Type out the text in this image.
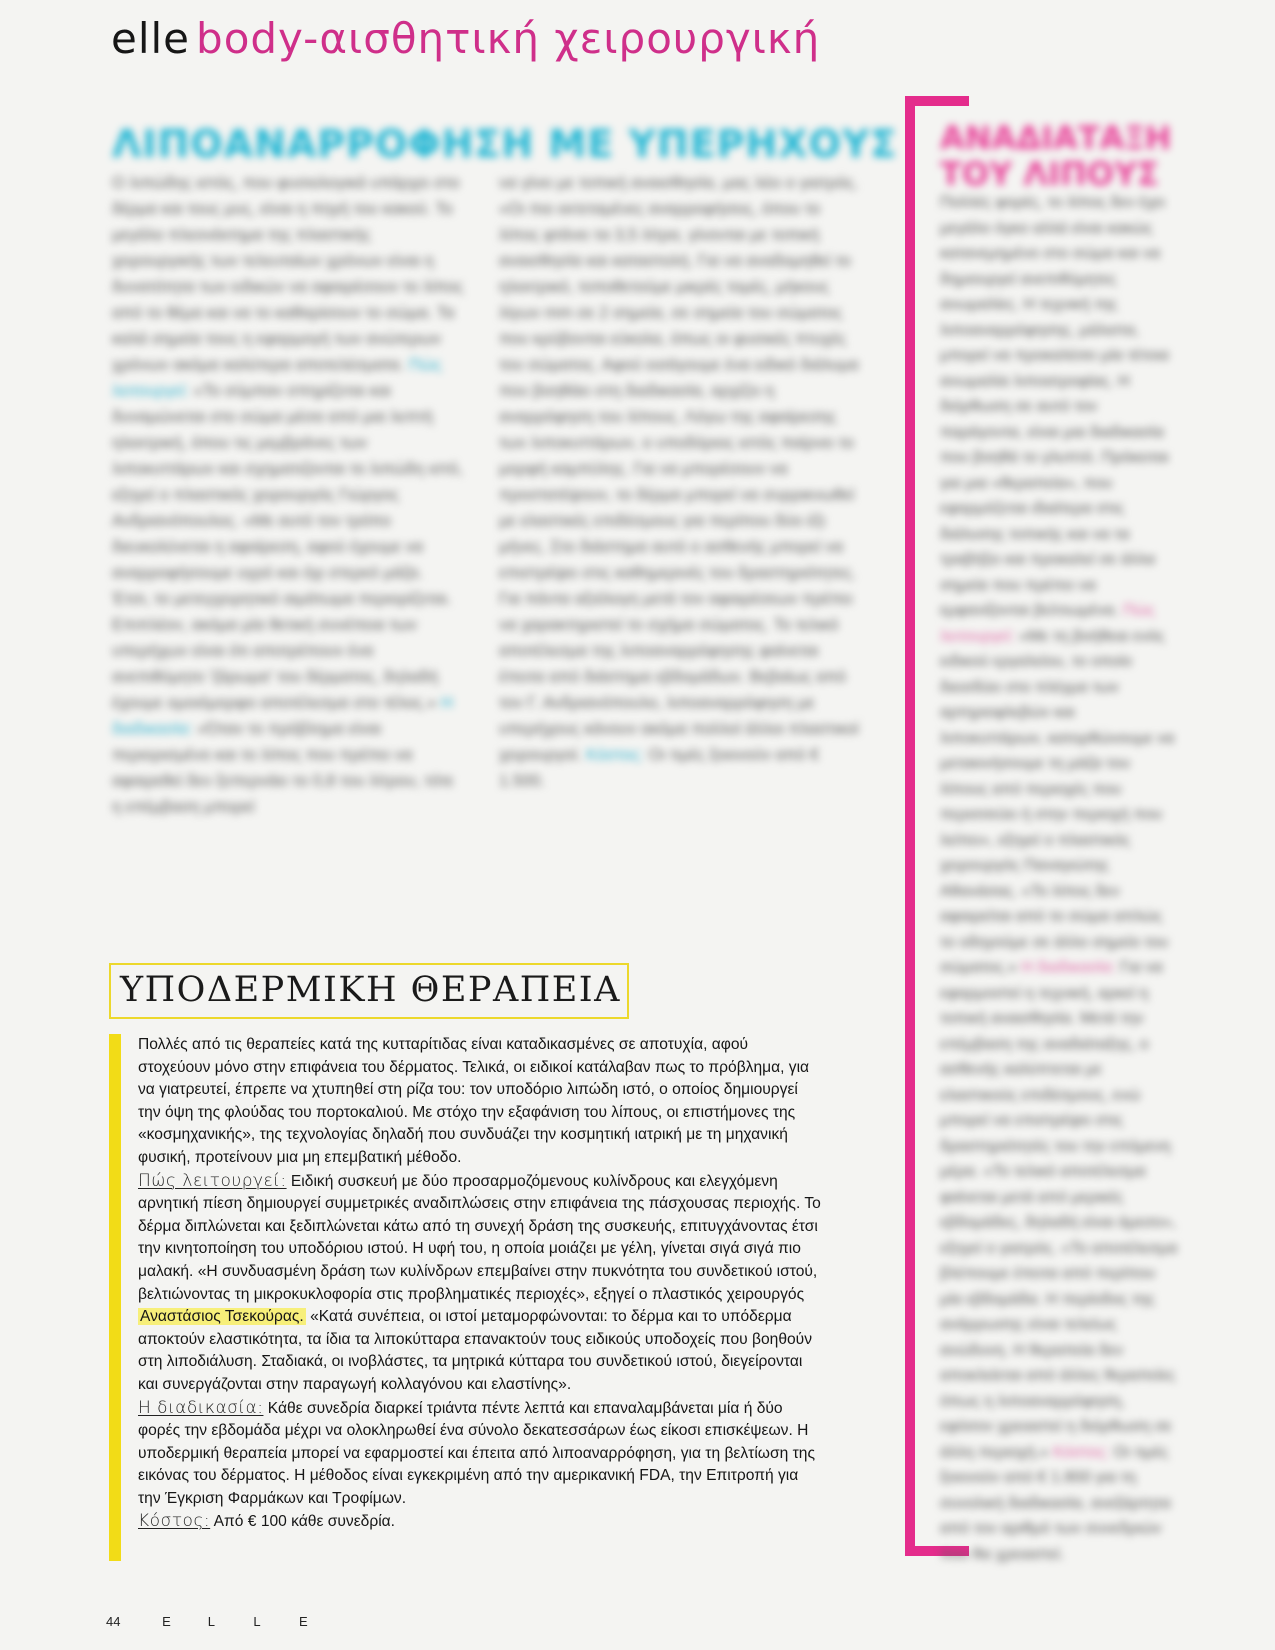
elle body-αισθητική χειρουργική
ΛΙΠΟΑΝΑΡΡΟΦΗΣΗ ΜΕ ΥΠΕΡΗΧΟΥΣ
Ο λιπώδης ιστός, που φυσιολογικά υπάρχει στο δέρμα και τους μυς, είναι η πηγή του κακού. Το μεγάλο πλεονέκτημα της πλαστικής χειρουργικής των τελευταίων χρόνων είναι η δυνατότητα των ειδικών να αφαιρέσουν το λίπος από το θέμα και να το καθαρίσουν το σώμα. Τα καλά σημεία τους η εφαρμογή των ανώτερων χρόνων ακόμα καλύτερα αποτελέσματα. Πώς λειτουργεί: «Το σύμπαν σπηρίζεται και δυναμώνεται στο σώμα μέσα από μια λεπτή ηλεκτρική, όπου τις μεμβράνες των λιποκυττάρων και σχηματιζονται το λιπώδη ιστό, εξηγεί ο πλαστικός χειρουργός Γιώργος Ανδριανόπουλος. «Με αυτό τον τρόπο διευκολύνεται η αφαίρεση, αφού έχουμε να αναρροφήσουμε υγρό και όχι στερεό μάζα. Έτσι, το μετεγχειρητικό αιμάτωμα περιορίζεται. Επιπλέον, ακόμα μία θετική συνέπεια των υπερήχων είναι ότι αποτρέπουν ένα ανεπιθύμητο 'ζάρωμα' του δέρματος, δηλαδή έχουμε ομοιόμορφο αποτέλεσμα στο τέλος.» Η διαδικασία: «Όταν το πρόβλημα είναι περιορισμένο και το λίπος που πρέπει να αφαιρεθεί δεν ξεπερνάει το 0,8 του λίτρου, τότε η επέμβαση μπορεί
να γίνει με τοπική αναισθησία, μας λέει ο γιατρός. «Οι πιο εκτεταμένες αναρροφήσεις, όπου το λίπος φτάνει τα 3,5 λίτρα, γίνονται με τοπική αναισθησία και καταστολή. Για να αναδομηθεί το ηλεκτρικό, τοποθετούμε μικρές τομές, μήκους λίγων mm σε 2 σημεία, σε σημεία του σώματος που κρύβονται εύκολα, όπως οι φυσικές πτυχές του σώματος. Αφού εισάγουμε ένα ειδικό διάλυμα που βοηθάει στη διαδικασία, αρχίζει η αναρρόφηση του λίπους. Λόγω της αφαίρεσης των λιποκυττάρων, ο υποδόριος ιστός παίρνει το μορφή καμπύλης. Για να μπορέσουν να προστατέψουν, το δέρμα μπορεί να συρρικνωθεί με ελαστικές επιδέσμους για περίπου δύο έξι μήνες. Στο διάστημα αυτό ο ασθενής μπορεί να επιστρέψει στις καθημερινές του δραστηριότητες. Για πάντα αξιόλογη μετά τον αφαιρέσεων πρέπει να χαρακτηριστεί το σχήμα σώματος. Το τελικό αποτέλεσμα της λιποαναρρόφησης φαίνεται έπειτα από διάστημα εβδομάδων. Βεβαίως από τον Γ. Ανδριανόπουλο, λιποαναρρόφηση με υπερήχους κάνουν ακόμα πολλοί άλλοι πλαστικοί χειρουργοί. Κόστος: Οι τιμές ξεκινούν από € 1.500.
ΑΝΑΔΙΑΤΑΞΗ ΤΟΥ ΛΙΠΟΥΣ
Πολλές φορές, το λίπος δεν έχει μεγάλο όγκο αλλά είναι κακώς κατανεμημένο στο σώμα και να δημιουργεί ανεπιθύμητες ανωμαλίες. Η τεχνική της λιποαναρρόφησης, μάλιστα, μπορεί να προκαλέσει μία τέτοια ανωμαλία λιποατροφίας. Η διόρθωση σε αυτό τον παράγοντα, είναι μια διαδικασία που βοηθά το γλυπτό. Πρόκειται για μια «θεραπεία», που εφαρμόζεται ιδιαίτερα στις διάλυσης τοπικής και να τα τραβήξει και προκαλεί σε άλλα σημεία που πρέπει να εμφανίζονται βελτιωμένα. Πώς λειτουργεί: «Με τη βοήθεια ενός ειδικού εργαλείου, το οποίο διεισδύει στο πλέγμα των αρτηριοφλεβών και λιποκυττάρων, κατορθώνουμε να μετακινήσουμε τη μάζα του λίπους από περιοχές που περισσεύει ή στην περιοχή που λείπει», εξηγεί ο πλαστικός χειρουργός Παναγιώτης Αθανάσας. «Το λίπος δεν αφαιρείται από το σώμα απλώς το οδηγούμε σε άλλο σημείο του σώματος.» Η διαδικασία: Για να εφαρμοστεί η τεχνική, αρκεί η τοπική αναισθησία. Μετά την επέμβαση της αναδιάταξης, ο ασθενής καλύπτεται με ελαστικούς επιδέσμους, ενώ μπορεί να επιστρέψει στις δραστηριότητές του την επόμενη μέρα. «Το τελικό αποτέλεσμα φαίνεται μετά από μερικές εβδομάδες, δηλαδή είναι άμεσο», εξηγεί ο γιατρός. «Το αποτέλεσμα βλέπουμε έπειτα από περίπου μία εβδομάδα. Η περίοδος της ανάρρωσης είναι τελείως ανώδυνη. Η θεραπεία δεν αποκλείεται από άλλες θεραπείες όπως η λιποαναρρόφηση, εφόσον χρειαστεί η διόρθωση σε άλλη περιοχή.» Κόστος: Οι τιμές ξεκινούν από € 1.800 για τη συνολική διαδικασία, ανεξάρτητα από τον αριθμό των συνεδριών που θα χρειαστεί.
ΥΠΟΔΕΡΜΙΚΗ ΘΕΡΑΠΕΙΑ

Πολλές από τις θεραπείες κατά της κυτταρίτιδας είναι καταδικασμένες σε αποτυχία, αφού στοχεύουν μόνο στην επιφάνεια του δέρματος. Τελικά, οι ειδικοί κατάλαβαν πως το πρόβλημα, για να γιατρευτεί, έπρεπε να χτυπηθεί στη ρίζα του: τον υποδόριο λιπώδη ιστό, ο οποίος δημιουργεί την όψη της φλούδας του πορτοκαλιού. Με στόχο την εξαφάνιση του λίπους, οι επιστήμονες της «κοσμηχανικής», της τεχνολογίας δηλαδή που συνδυάζει την κοσμητική ιατρική με τη μηχανική φυσική, προτείνουν μια μη επεμβατική μέθοδο.

Πώς λειτουργεί: Ειδική συσκευή με δύο προσαρμοζόμενους κυλίνδρους και ελεγχόμενη αρνητική πίεση δημιουργεί συμμετρικές αναδιπλώσεις στην επιφάνεια της πάσχουσας περιοχής. Το δέρμα διπλώνεται και ξεδιπλώνεται κάτω από τη συνεχή δράση της συσκευής, επιτυγχάνοντας έτσι την κινητοποίηση του υποδόριου ιστού. Η υφή του, η οποία μοιάζει με γέλη, γίνεται σιγά σιγά πιο μαλακή. «Η συνδυασμένη δράση των κυλίνδρων επεμβαίνει στην πυκνότητα του συνδετικού ιστού, βελτιώνοντας τη μικροκυκλοφορία στις προβληματικές περιοχές», εξηγεί ο πλαστικός χειρουργός Αναστάσιος Τσεκούρας. «Κατά συνέπεια, οι ιστοί μεταμορφώνονται: το δέρμα και το υπόδερμα αποκτούν ελαστικότητα, τα ίδια τα λιποκύτταρα επανακτούν τους ειδικούς υποδοχείς που βοηθούν στη λιποδιάλυση. Σταδιακά, οι ινοβλάστες, τα μητρικά κύτταρα του συνδετικού ιστού, διεγείρονται και συνεργάζονται στην παραγωγή κολλαγόνου και ελαστίνης».

Η διαδικασία: Κάθε συνεδρία διαρκεί τριάντα πέντε λεπτά και επαναλαμβάνεται μία ή δύο φορές την εβδομάδα μέχρι να ολοκληρωθεί ένα σύνολο δεκατεσσάρων έως είκοσι επισκέψεων. Η υποδερμική θεραπεία μπορεί να εφαρμοστεί και έπειτα από λιποαναρρόφηση, για τη βελτίωση της εικόνας του δέρματος. Η μέθοδος είναι εγκεκριμένη από την αμερικανική FDA, την Επιτροπή για την Έγκριση Φαρμάκων και Τροφίμων.

Κόστος: Από € 100 κάθε συνεδρία.

44	E	L	L	E
